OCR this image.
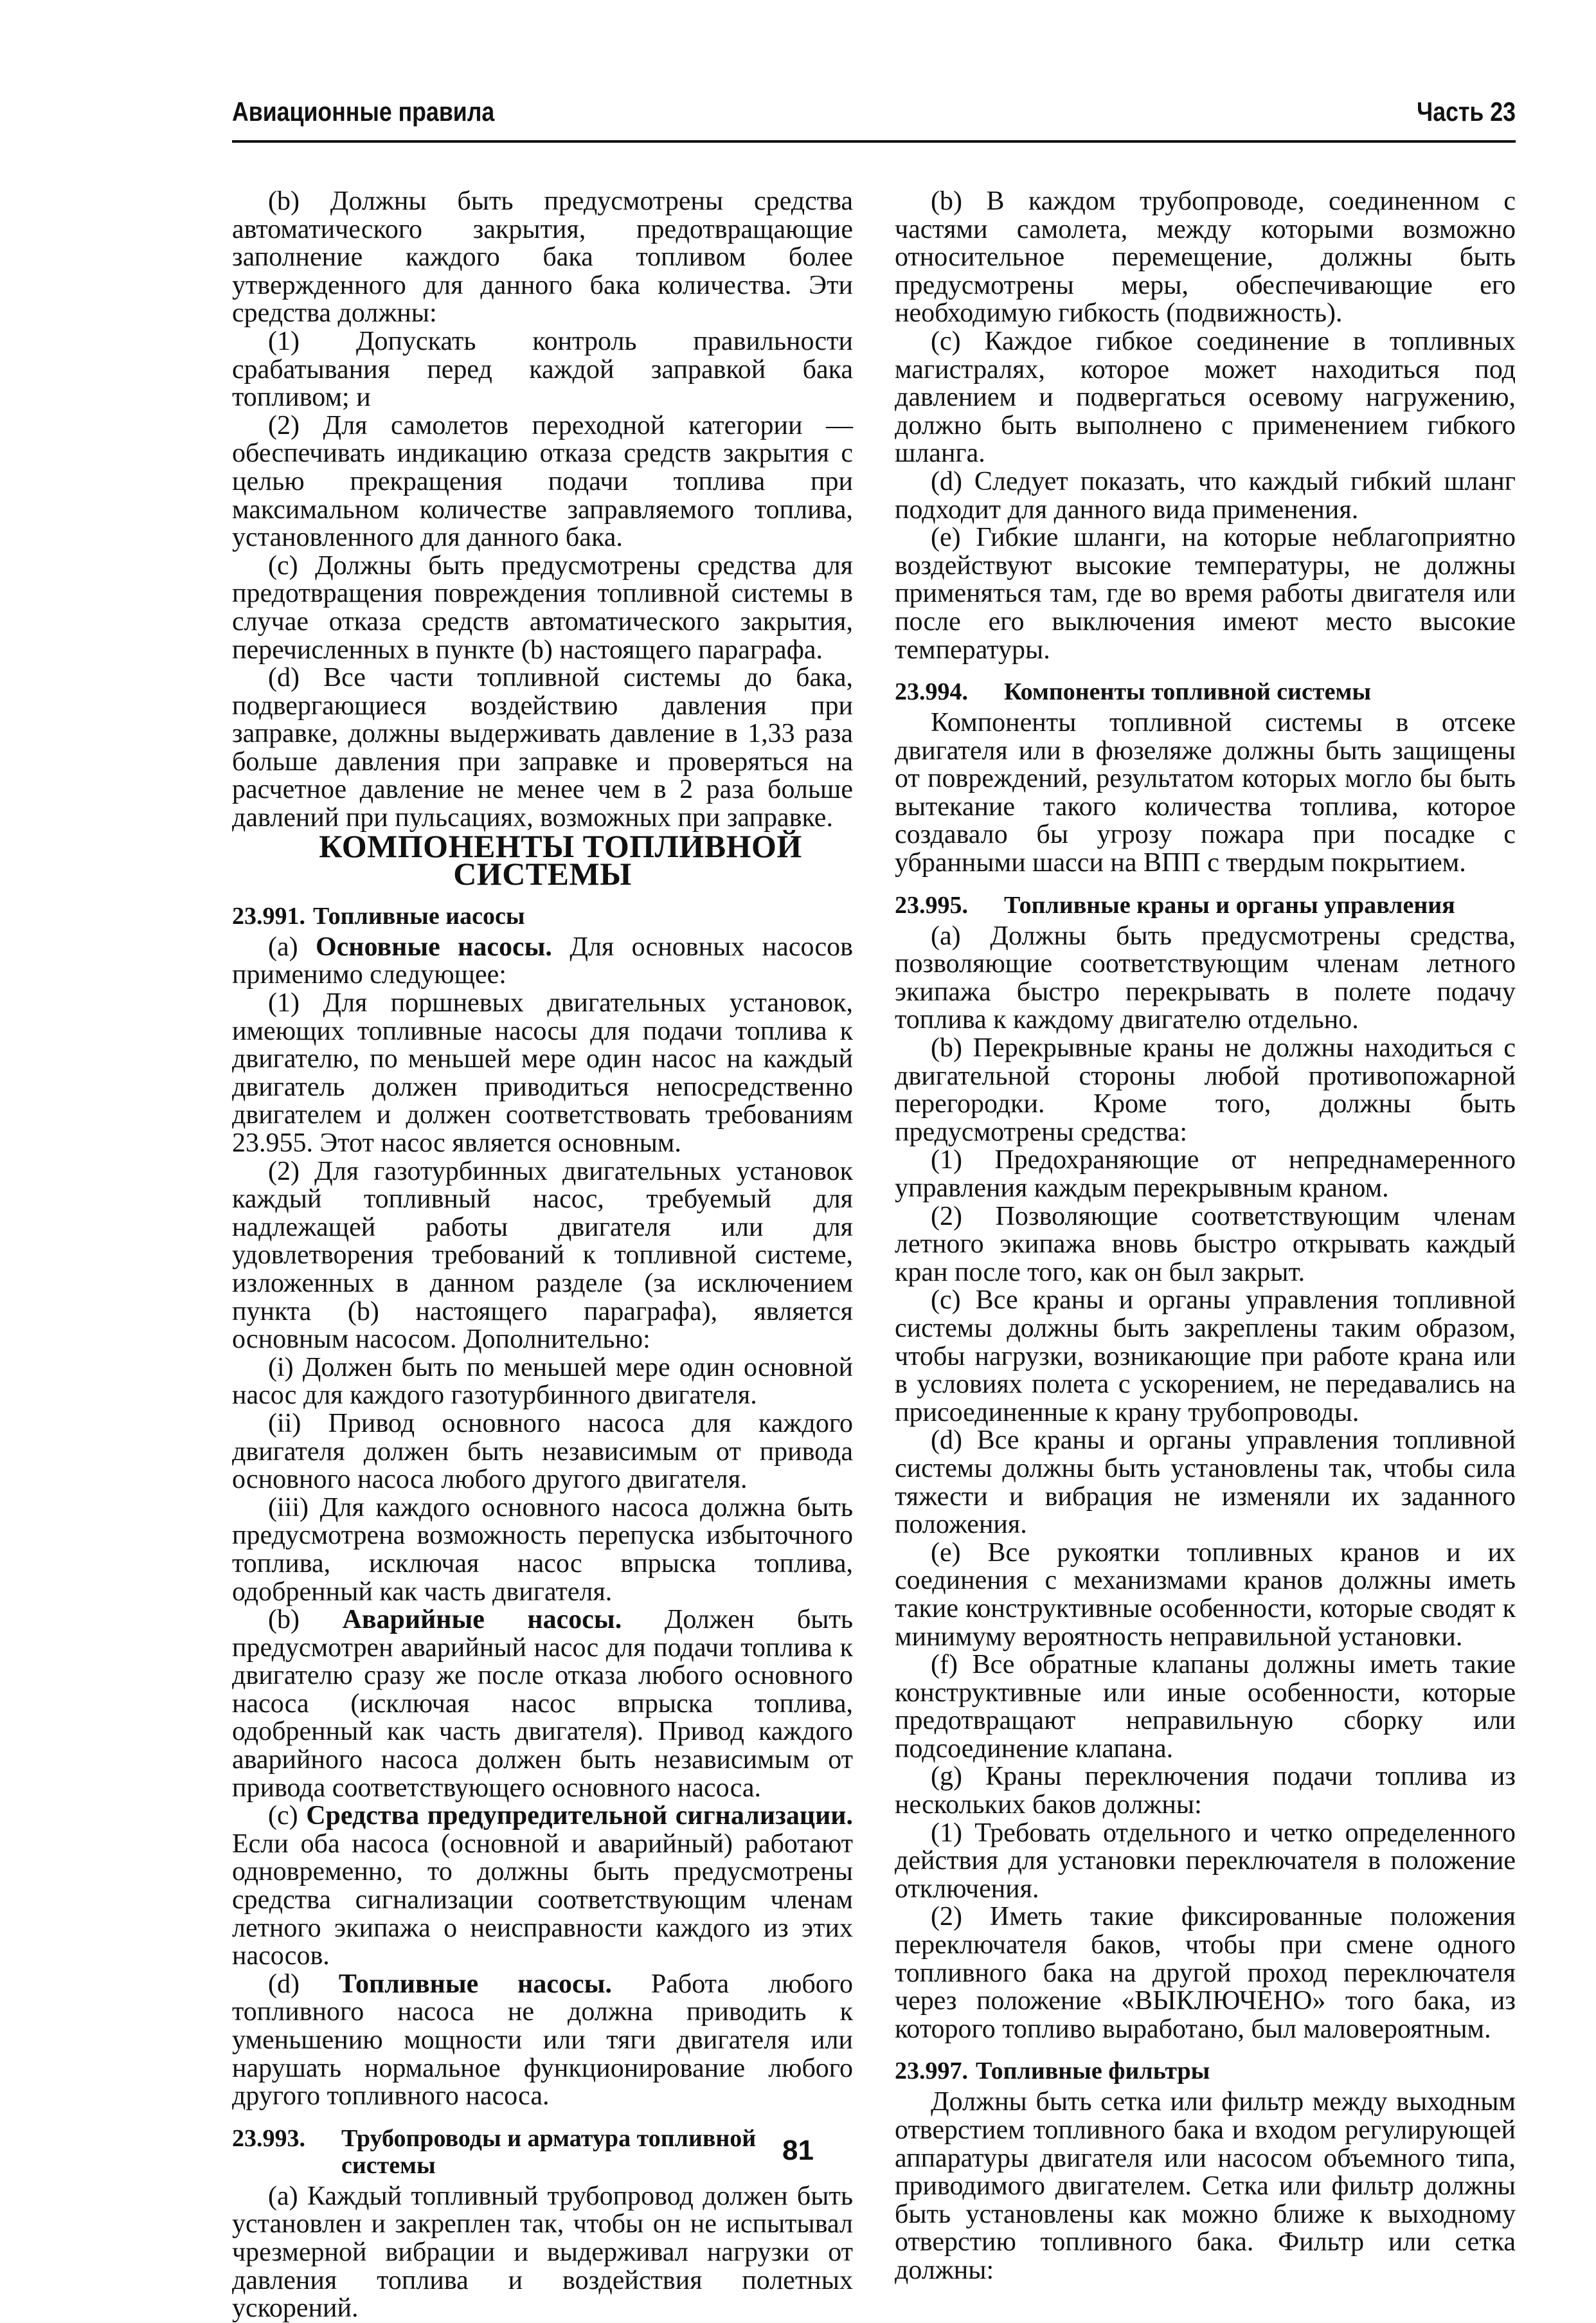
Авиационные правила	Часть 23

(b) Должны быть предусмотрены средства автоматического закрытия, предотвращающие заполнение каждого бака топливом более утвержденного для данного бака количества. Эти средства должны:

(1) Допускать контроль правильности срабатывания перед каждой заправкой бака топливом; и

(2) Для самолетов переходной категории — обеспечивать индикацию отказа средств закрытия с целью прекращения подачи топлива при максимальном количестве заправляемого топлива, установленного для данного бака.

(c) Должны быть предусмотрены средства для предотвращения повреждения топливной системы в случае отказа средств автоматического закрытия, перечисленных в пункте (b) настоящего параграфа.

(d) Все части топливной системы до бака, подвергающиеся воздействию давления при заправке, должны выдерживать давление в 1,33 раза больше давления при заправке и проверяться на расчетное давление не менее чем в 2 раза больше давлений при пульсациях, возможных при заправке.

КОМПОНЕНТЫ ТОПЛИВНОЙ СИСТЕМЫ

23.991. Топливные иасосы

(a) Основные насосы. Для основных насосов применимо следующее:

(1) Для поршневых двигательных установок, имеющих топливные насосы для подачи топлива к двигателю, по меньшей мере один насос на каждый двигатель должен приводиться непосредственно двигателем и должен соответствовать требованиям 23.955. Этот насос является основным.

(2) Для газотурбинных двигательных установок каждый топливный насос, требуемый для надлежащей работы двигателя или для удовлетворения требований к топливной системе, изложенных в данном разделе (за исключением пункта (b) настоящего параграфа), является основным насосом. Дополнительно:

(i) Должен быть по меньшей мере один основной насос для каждого газотурбинного двигателя.

(ii) Привод основного насоса для каждого двигателя должен быть независимым от привода основного насоса любого другого двигателя.

(iii) Для каждого основного насоса должна быть предусмотрена возможность перепуска избыточного топлива, исключая насос впрыска топлива, одобренный как часть двигателя.

(b) Аварийные насосы. Должен быть предусмотрен аварийный насос для подачи топлива к двигателю сразу же после отказа любого основного насоса (исключая насос впрыска топлива, одобренный как часть двигателя). Привод каждого аварийного насоса должен быть независимым от привода соответствующего основного насоса.

(c) Средства предупредительной сигнализации. Если оба насоса (основной и аварийный) работают одновременно, то должны быть предусмотрены средства сигнализации соответствующим членам летного экипажа о неисправности каждого из этих насосов.

(d) Топливные насосы. Работа любого топливного насоса не должна приводить к уменьшению мощности или тяги двигателя или нарушать нормальное функционирование любого другого топливного насоса.

23.993.	Трубопроводы и арматура топливной системы

(a) Каждый топливный трубопровод должен быть установлен и закреплен так, чтобы он не испытывал чрезмерной вибрации и выдерживал нагрузки от давления топлива и воздействия полетных ускорений.

(b) В каждом трубопроводе, соединенном с частями самолета, между которыми возможно относительное перемещение, должны быть предусмотрены меры, обеспечивающие его необходимую гибкость (подвижность).

(c) Каждое гибкое соединение в топливных магистралях, которое может находиться под давлением и подвергаться осевому нагружению, должно быть выполнено с применением гибкого шланга.

(d) Следует показать, что каждый гибкий шланг подходит для данного вида применения.

(e) Гибкие шланги, на которые неблагоприятно воздействуют высокие температуры, не должны применяться там, где во время работы двигателя или после его выключения имеют место высокие температуры.

23.994.	Компоненты топливной системы

Компоненты топливной системы в отсеке двигателя или в фюзеляже должны быть защищены от повреждений, результатом которых могло бы быть вытекание такого количества топлива, которое создавало бы угрозу пожара при посадке с убранными шасси на ВПП с твердым покрытием.

23.995.	Топливные краны и органы управления

(a) Должны быть предусмотрены средства, позволяющие соответствующим членам летного экипажа быстро перекрывать в полете подачу топлива к каждому двигателю отдельно.

(b) Перекрывные краны не должны находиться с двигательной стороны любой противопожарной перегородки. Кроме того, должны быть предусмотрены средства:

(1) Предохраняющие от непреднамеренного управления каждым перекрывным краном.

(2) Позволяющие соответствующим членам летного экипажа вновь быстро открывать каждый кран после того, как он был закрыт.

(c) Все краны и органы управления топливной системы должны быть закреплены таким образом, чтобы нагрузки, возникающие при работе крана или в условиях полета с ускорением, не передавались на присоединенные к крану трубопроводы.

(d) Все краны и органы управления топливной системы должны быть установлены так, чтобы сила тяжести и вибрация не изменяли их заданного положения.

(e) Все рукоятки топливных кранов и их соединения с механизмами кранов должны иметь такие конструктивные особенности, которые сводят к минимуму вероятность неправильной установки.

(f) Все обратные клапаны должны иметь такие конструктивные или иные особенности, которые предотвращают неправильную сборку или подсоединение клапана.

(g) Краны переключения подачи топлива из нескольких баков должны:

(1) Требовать отдельного и четко определенного действия для установки переключателя в положение отключения.

(2) Иметь такие фиксированные положения переключателя баков, чтобы при смене одного топливного бака на другой проход переключателя через положение «ВЫКЛЮЧЕНО» того бака, из которого топливо выработано, был маловероятным.

23.997. Топливные фильтры

Должны быть сетка или фильтр между выходным отверстием топливного бака и входом регулирующей аппаратуры двигателя или насосом объемного типа, приводимого двигателем. Сетка или фильтр должны быть установлены как можно ближе к выходному отверстию топливного бака. Фильтр или сетка должны:

81
